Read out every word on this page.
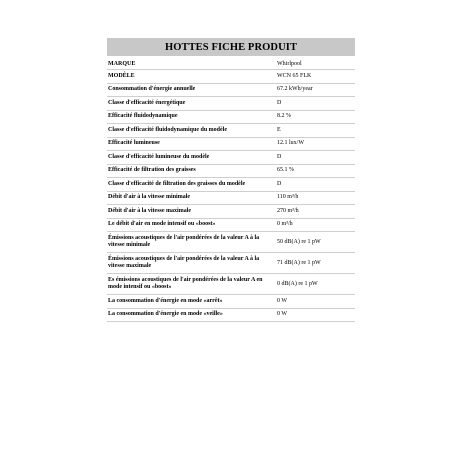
HOTTES FICHE PRODUIT
MARQUE	Whirlpool
MODÈLE	WCN 65 FLK
Consommation d'énergie annuelle	67.2 kWh/year
Classe d'efficacité énergétique	D
Efficacité fluidodynamique	8.2 %
Classe d'efficacité fluidodynamique du modèle	E
Efficacité lumineuse	12.1 lux/W
Classe d'efficacité lumineuse du modèle	D
Efficacité de filtration des graisses	65.1 %
Classe d'efficacité de filtration des graisses du modèle	D
Débit d'air à la vitesse minimale	110 m³/h
Débit d'air à la vitesse maximale	270 m³/h
Le débit d'air en mode intensif ou «boost»	0 m³/h
Émissions acoustiques de l'air pondérées de la valeur A à la vitesse minimale	50 dB(A) re 1 pW
Émissions acoustiques de l'air pondérées de la valeur A à la vitesse maximale	71 dB(A) re 1 pW
Es émissions acoustiques de l'air pondérées de la valeur A en mode intensif ou «boost»	0 dB(A) re 1 pW
La consommation d'énergie en mode «arrêt»	0 W
La consommation d'énergie en mode «veille»	0 W
